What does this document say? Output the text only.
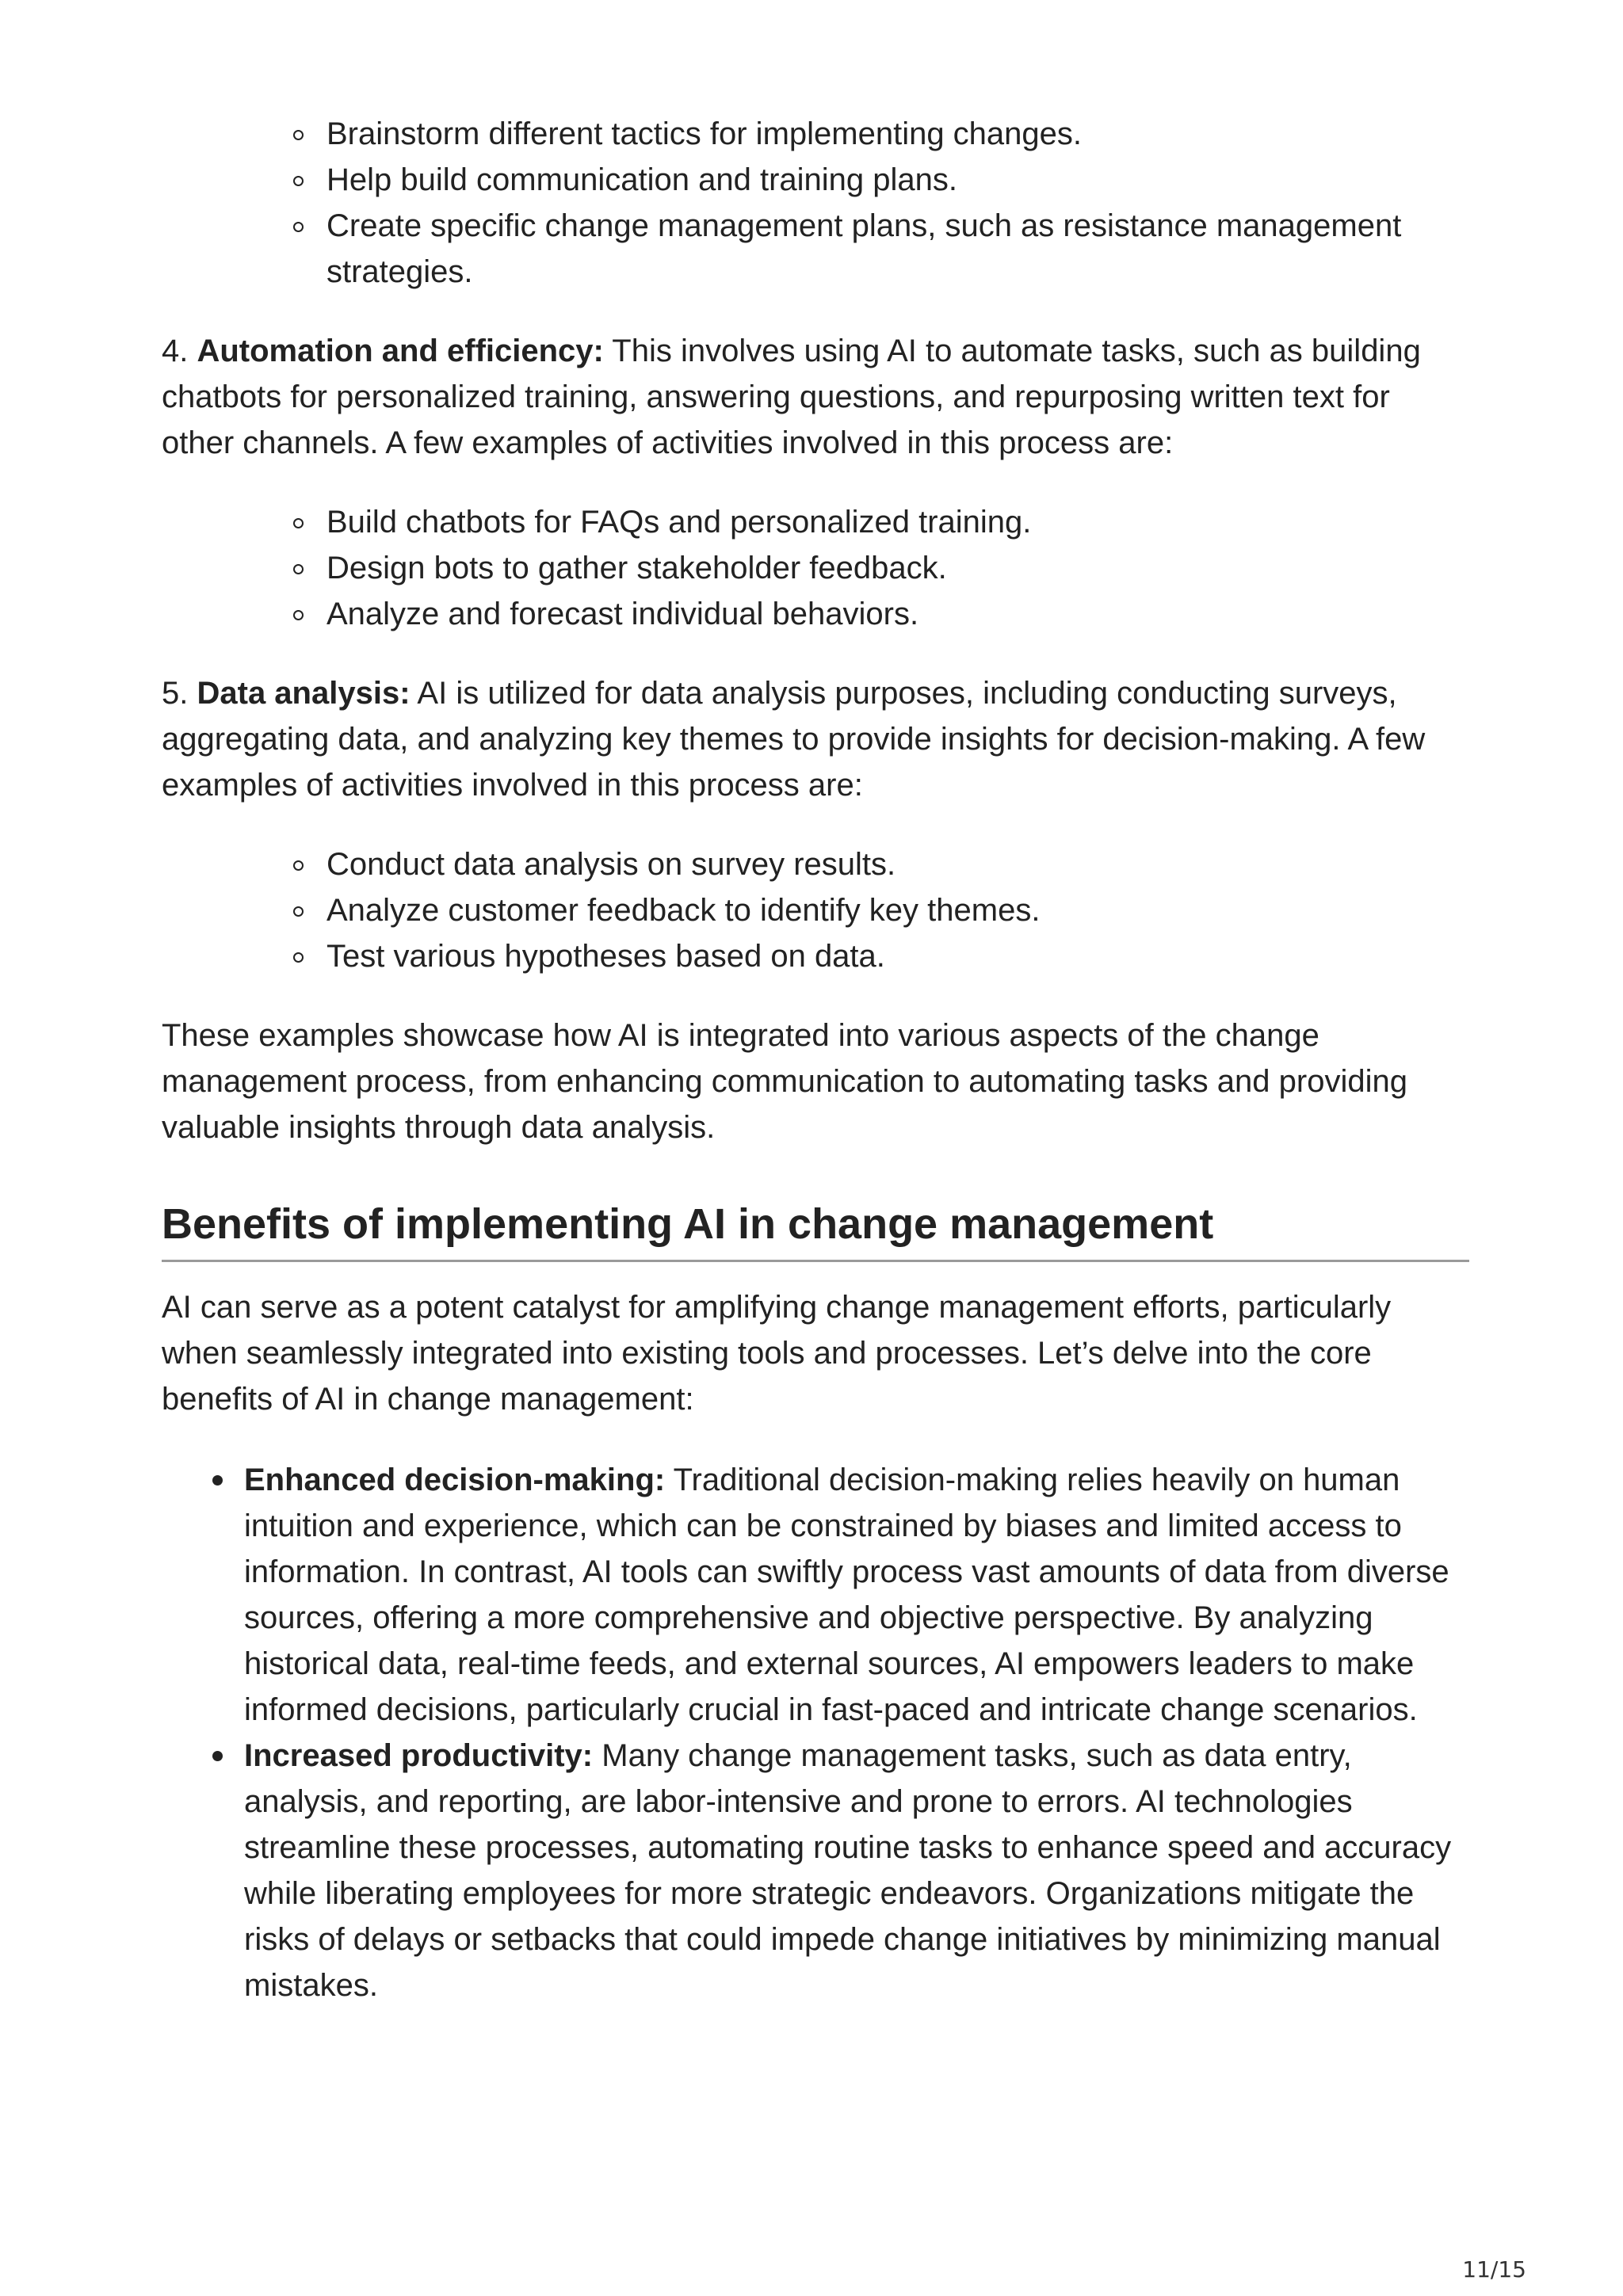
Brainstorm different tactics for implementing changes.
Help build communication and training plans.
Create specific change management plans, such as resistance management strategies.

4. Automation and efficiency: This involves using AI to automate tasks, such as building chatbots for personalized training, answering questions, and repurposing written text for other channels. A few examples of activities involved in this process are:

Build chatbots for FAQs and personalized training.
Design bots to gather stakeholder feedback.
Analyze and forecast individual behaviors.

5. Data analysis: AI is utilized for data analysis purposes, including conducting surveys, aggregating data, and analyzing key themes to provide insights for decision-making. A few examples of activities involved in this process are:

Conduct data analysis on survey results.
Analyze customer feedback to identify key themes.
Test various hypotheses based on data.

These examples showcase how AI is integrated into various aspects of the change management process, from enhancing communication to automating tasks and providing valuable insights through data analysis.

Benefits of implementing AI in change management

AI can serve as a potent catalyst for amplifying change management efforts, particularly when seamlessly integrated into existing tools and processes. Let’s delve into the core benefits of AI in change management:

Enhanced decision-making: Traditional decision-making relies heavily on human intuition and experience, which can be constrained by biases and limited access to information. In contrast, AI tools can swiftly process vast amounts of data from diverse sources, offering a more comprehensive and objective perspective. By analyzing historical data, real-time feeds, and external sources, AI empowers leaders to make informed decisions, particularly crucial in fast-paced and intricate change scenarios.
Increased productivity: Many change management tasks, such as data entry, analysis, and reporting, are labor-intensive and prone to errors. AI technologies streamline these processes, automating routine tasks to enhance speed and accuracy while liberating employees for more strategic endeavors. Organizations mitigate the risks of delays or setbacks that could impede change initiatives by minimizing manual mistakes.
11/15
